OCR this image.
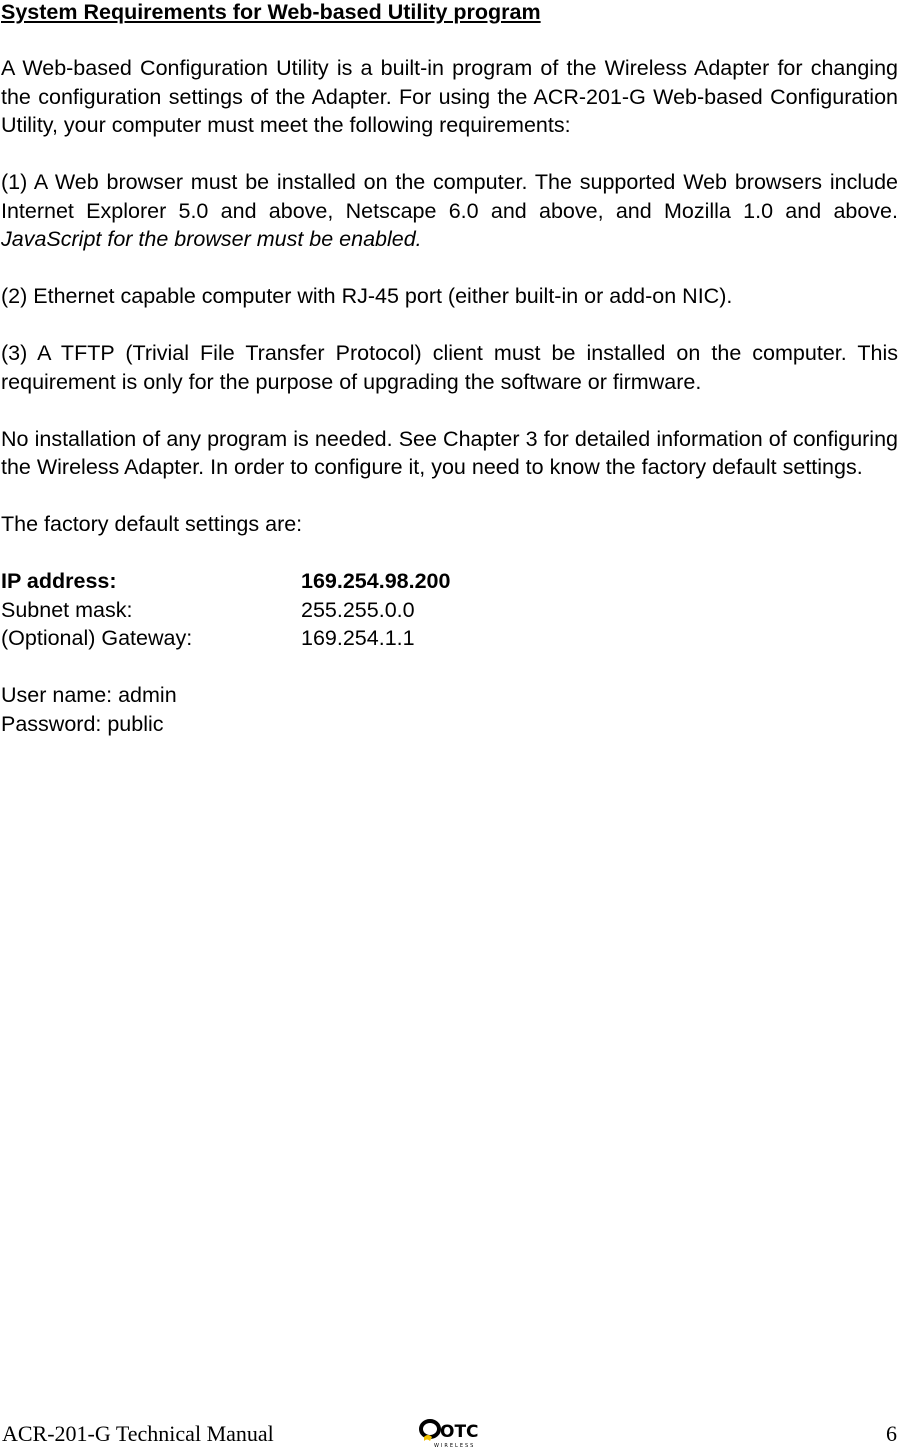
System Requirements for Web-based Utility program

A Web-based Configuration Utility is a built-in program of the Wireless Adapter for changing the configuration settings of the Adapter. For using the ACR-201-G Web-based Configuration Utility, your computer must meet the following requirements:

(1) A Web browser must be installed on the computer. The supported Web browsers include Internet Explorer 5.0 and above, Netscape 6.0 and above, and Mozilla 1.0 and above. JavaScript for the browser must be enabled.

(2) Ethernet capable computer with RJ-45 port (either built-in or add-on NIC).

(3) A TFTP (Trivial File Transfer Protocol) client must be installed on the computer. This requirement is only for the purpose of upgrading the software or firmware.

No installation of any program is needed. See Chapter 3 for detailed information of configuring the Wireless Adapter. In order to configure it, you need to know the factory default settings.

The factory default settings are:

IP address:	169.254.98.200
Subnet mask:	255.255.0.0
(Optional) Gateway:	169.254.1.1

User name: admin

Password: public

ACR-201-G Technical Manual	OTC
WIRELESS	6
